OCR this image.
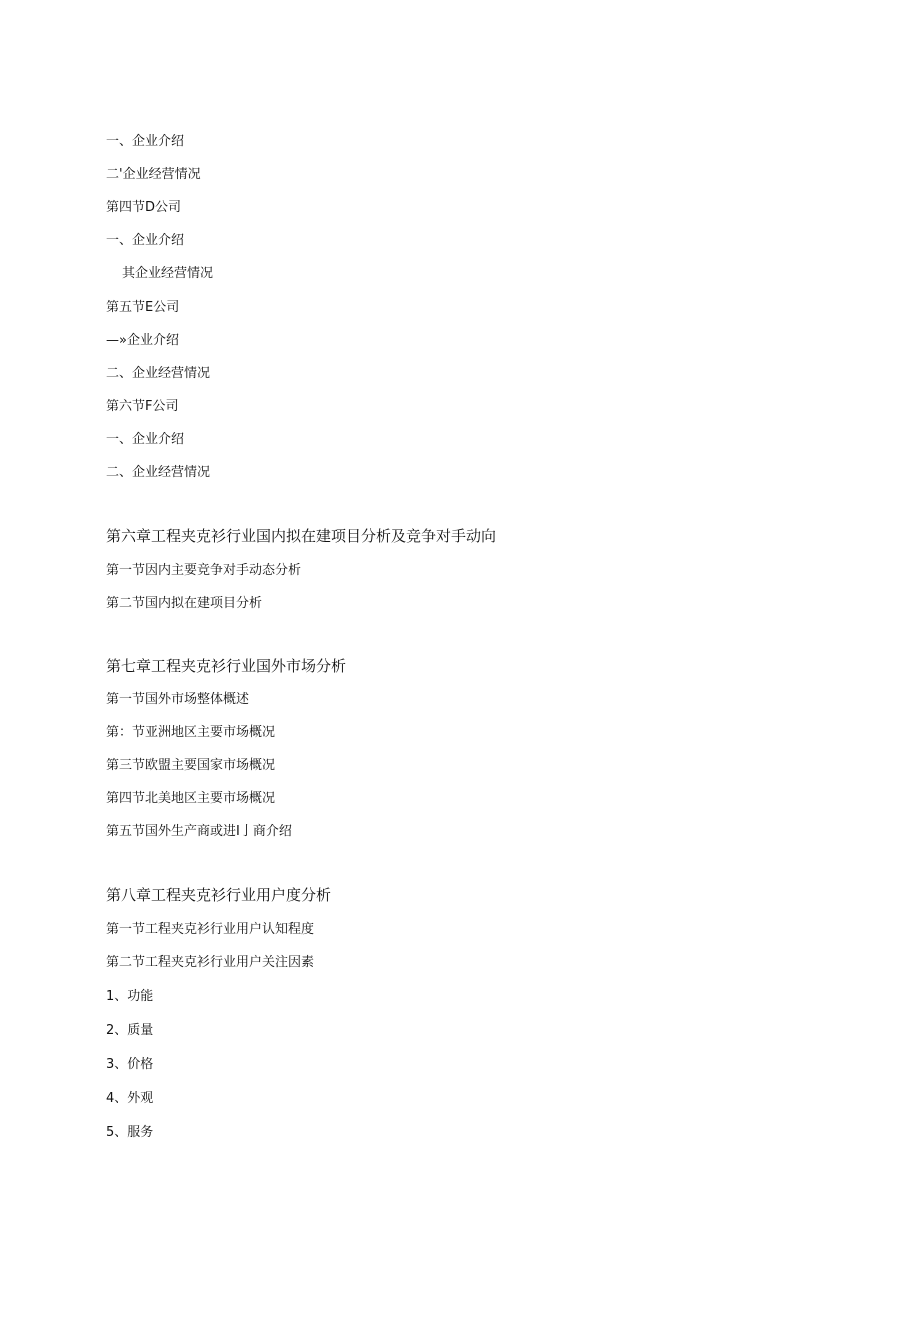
一、企业介绍
二'企业经营情况
第四节D公司
一、企业介绍
其企业经营情况
第五节E公司
—»企业介绍
二、企业经营情况
第六节F公司
一、企业介绍
二、企业经营情况
第六章工程夹克衫行业国内拟在建项目分析及竞争对手动向
第一节因内主要竞争对手动态分析
第二节国内拟在建项目分析
第七章工程夹克衫行业国外市场分析
第一节国外市场整体概述
第：节亚洲地区主要市场概况
第三节欧盟主要国家市场概况
第四节北美地区主要市场概况
第五节国外生产商或进I亅商介绍
第八章工程夹克衫行业用户度分析
第一节工程夹克衫行业用户认知程度
第二节工程夹克衫行业用户关注因素
1、功能
2、质量
3、价格
4、外观
5、服务
